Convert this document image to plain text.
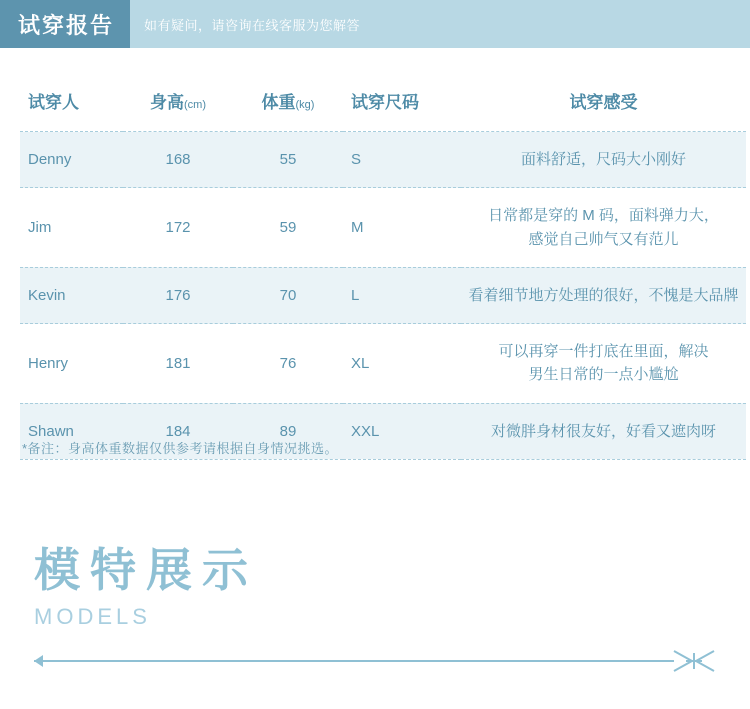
试穿报告	如有疑问，请咨询在线客服为您解答
试穿人	身高(cm)	体重(kg)	试穿尺码	试穿感受
Denny	168	55	S	面料舒适，尺码大小刚好

Jim	172	59	M	日常都是穿的 M 码，面料弹力大，
感觉自己帅气又有范儿

Kevin	176	70	L	看着细节地方处理的很好，不愧是大品牌

Henry	181	76	XL	可以再穿一件打底在里面，解决
男生日常的一点小尴尬

Shawn	184	89	XXL	对微胖身材很友好，好看又遮肉呀
*备注：身高体重数据仅供参考请根据自身情况挑选。
模特展示
MODELS
